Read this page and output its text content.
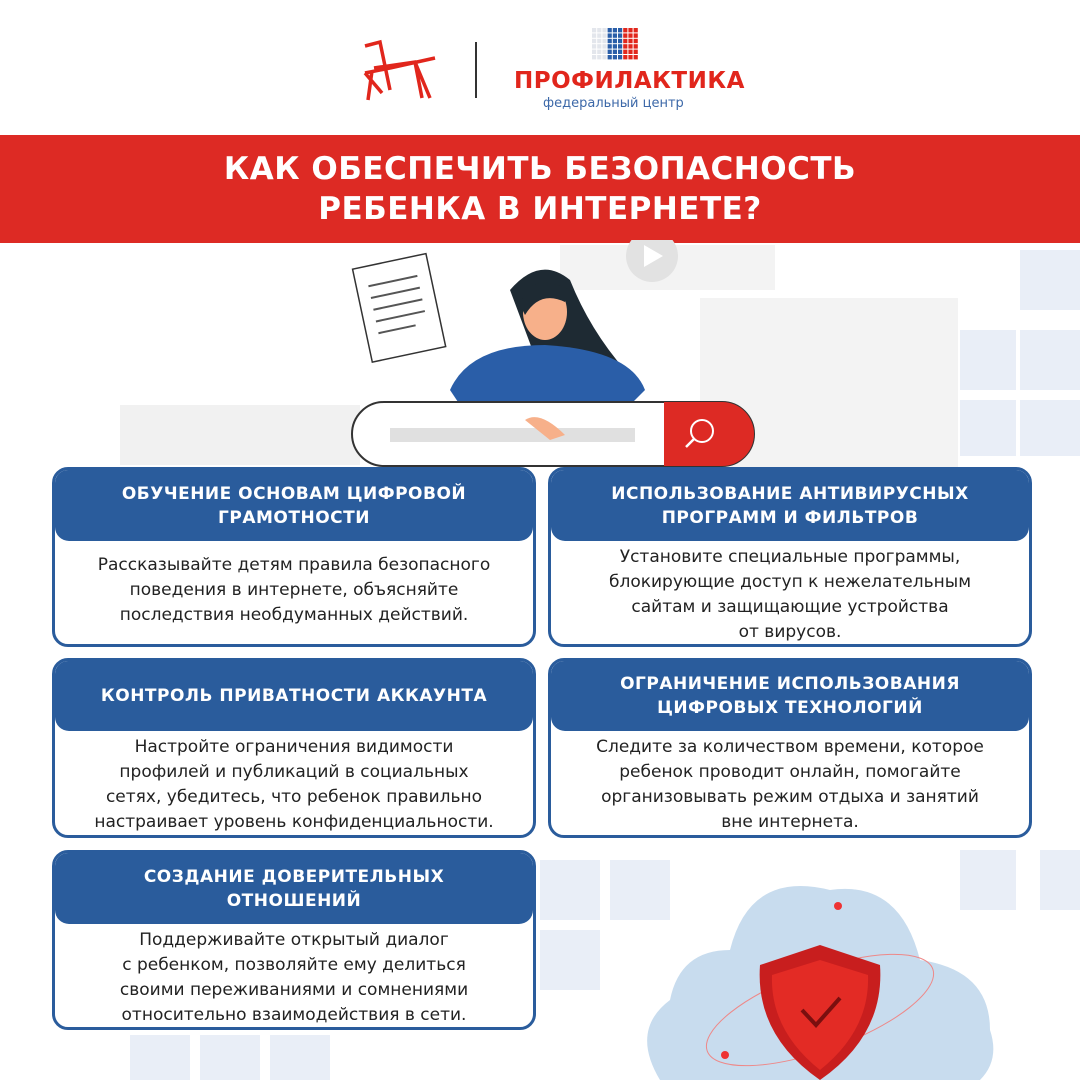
ПРОФИЛАКТИКА
федеральный центр
КАК ОБЕСПЕЧИТЬ БЕЗОПАСНОСТЬ
РЕБЕНКА В ИНТЕРНЕТЕ?
ОБУЧЕНИЕ ОСНОВАМ ЦИФРОВОЙ
ГРАМОТНОСТИ
Рассказывайте детям правила безопасного
поведения в интернете, объясняйте
последствия необдуманных действий.
ИСПОЛЬЗОВАНИЕ АНТИВИРУСНЫХ
ПРОГРАММ И ФИЛЬТРОВ
Установите специальные программы,
блокирующие доступ к нежелательным
сайтам и защищающие устройства
от вирусов.
КОНТРОЛЬ ПРИВАТНОСТИ АККАУНТА
Настройте ограничения видимости
профилей и публикаций в социальных
сетях, убедитесь, что ребенок правильно
настраивает уровень конфиденциальности.
ОГРАНИЧЕНИЕ ИСПОЛЬЗОВАНИЯ
ЦИФРОВЫХ ТЕХНОЛОГИЙ
Следите за количеством времени, которое
ребенок проводит онлайн, помогайте
организовывать режим отдыха и занятий
вне интернета.
СОЗДАНИЕ ДОВЕРИТЕЛЬНЫХ
ОТНОШЕНИЙ
Поддерживайте открытый диалог
с ребенком, позволяйте ему делиться
своими переживаниями и сомнениями
относительно взаимодействия в сети.
